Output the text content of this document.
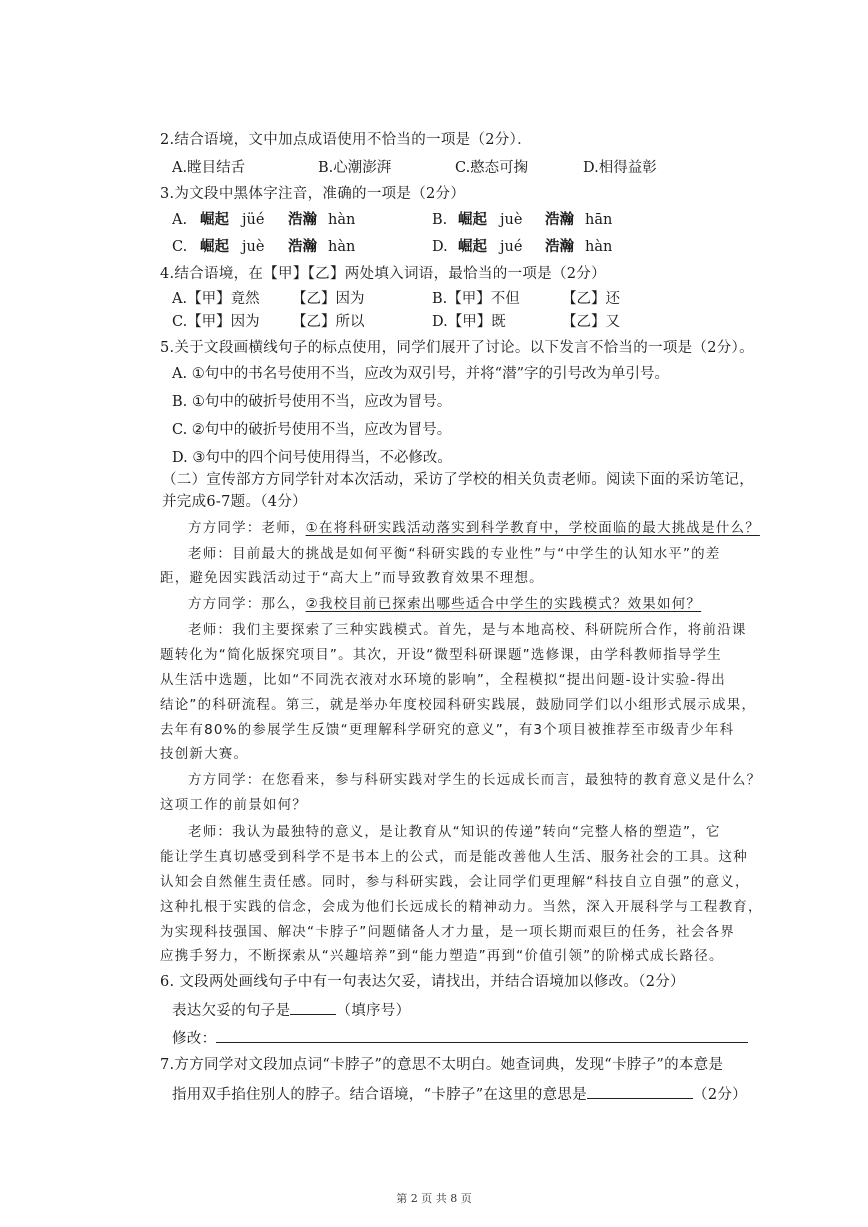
2.结合语境，文中加点成语使用不恰当的一项是（2分）．
A.瞠目结舌	B.心潮澎湃	C.憨态可掬	D.相得益彰
3.为文段中黑体字注音，准确的一项是（2分）
A. 崛起 jüé 浩瀚 hàn	B. 崛起 juè 浩瀚 hān
C. 崛起 juè 浩瀚 hàn	D. 崛起 jué 浩瀚 hàn
4.结合语境，在【甲】【乙】两处填入词语，最恰当的一项是（2分）
A.【甲】竟然 【乙】因为	B.【甲】不但	【乙】还
C.【甲】因为 【乙】所以	D.【甲】既	【乙】又
5.关于文段画横线句子的标点使用，同学们展开了讨论。以下发言不恰当的一项是（2分）。
A. ①句中的书名号使用不当，应改为双引号，并将“潜”字的引号改为单引号。
B. ①句中的破折号使用不当，应改为冒号。
C. ②句中的破折号使用不当，应改为冒号。
D. ③句中的四个问号使用得当，不必修改。
（二）宣传部方方同学针对本次活动，采访了学校的相关负责老师。阅读下面的采访笔记，
并完成6-7题。（4分）
方方同学：老师，①在将科研实践活动落实到科学教育中，学校面临的最大挑战是什么？
老师：目前最大的挑战是如何平衡“科研实践的专业性”与“中学生的认知水平”的差
距，避免因实践活动过于“高大上”而导致教育效果不理想。
方方同学：那么，②我校目前已探索出哪些适合中学生的实践模式？效果如何？
老师：我们主要探索了三种实践模式。首先，是与本地高校、科研院所合作，将前沿课
题转化为“简化版探究项目”。其次，开设“微型科研课题”选修课，由学科教师指导学生
从生活中选题，比如“不同洗衣液对水环境的影响”，全程模拟“提出问题-设计实验-得出
结论”的科研流程。第三，就是举办年度校园科研实践展，鼓励同学们以小组形式展示成果，
去年有80%的参展学生反馈“更理解科学研究的意义”，有3个项目被推荐至市级青少年科
技创新大赛。
方方同学：在您看来，参与科研实践对学生的长远成长而言，最独特的教育意义是什么？
这项工作的前景如何？
老师：我认为最独特的意义，是让教育从“知识的传递”转向“完整人格的塑造”，它
能让学生真切感受到科学不是书本上的公式，而是能改善他人生活、服务社会的工具。这种
认知会自然催生责任感。同时，参与科研实践，会让同学们更理解“科技自立自强”的意义，
这种扎根于实践的信念，会成为他们长远成长的精神动力。当然，深入开展科学与工程教育，
为实现科技强国、解决“卡脖子”问题储备人才力量，是一项长期而艰巨的任务，社会各界
应携手努力，不断探索从“兴趣培养”到“能力塑造”再到“价值引领”的阶梯式成长路径。
6. 文段两处画线句子中有一句表达欠妥，请找出，并结合语境加以修改。（2分）
表达欠妥的句子是	（填序号）
修改：
7.方方同学对文段加点词“卡脖子”的意思不太明白。她查词典，发现“卡脖子”的本意是
指用双手掐住别人的脖子。结合语境，“卡脖子”在这里的意思是	（2分）
第 2 页 共 8 页
